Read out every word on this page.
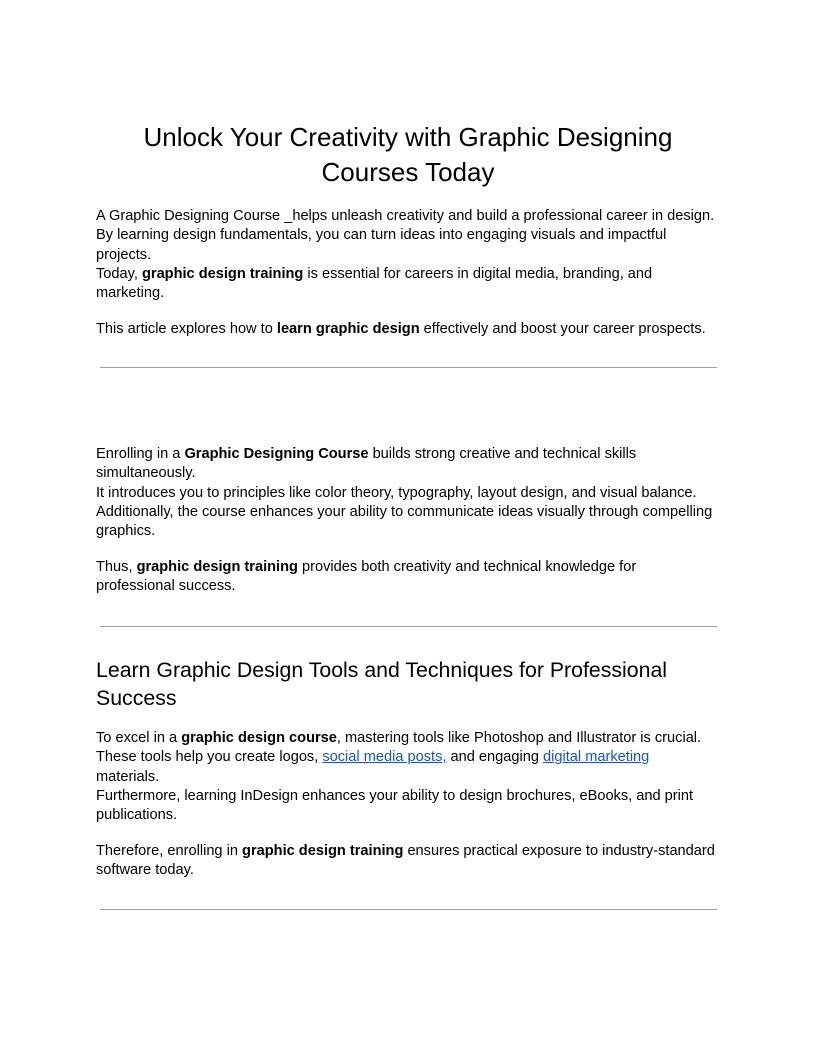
Unlock Your Creativity with Graphic Designing Courses Today

A Graphic Designing Course _helps unleash creativity and build a professional career in design.
By learning design fundamentals, you can turn ideas into engaging visuals and impactful
projects.
Today, graphic design training is essential for careers in digital media, branding, and
marketing.

This article explores how to learn graphic design effectively and boost your career prospects.

Enrolling in a Graphic Designing Course builds strong creative and technical skills
simultaneously.
It introduces you to principles like color theory, typography, layout design, and visual balance.
Additionally, the course enhances your ability to communicate ideas visually through compelling
graphics.

Thus, graphic design training provides both creativity and technical knowledge for
professional success.

Learn Graphic Design Tools and Techniques for Professional
Success

To excel in a graphic design course, mastering tools like Photoshop and Illustrator is crucial.
These tools help you create logos, social media posts, and engaging digital marketing
materials.
Furthermore, learning InDesign enhances your ability to design brochures, eBooks, and print
publications.

Therefore, enrolling in graphic design training ensures practical exposure to industry-standard
software today.
